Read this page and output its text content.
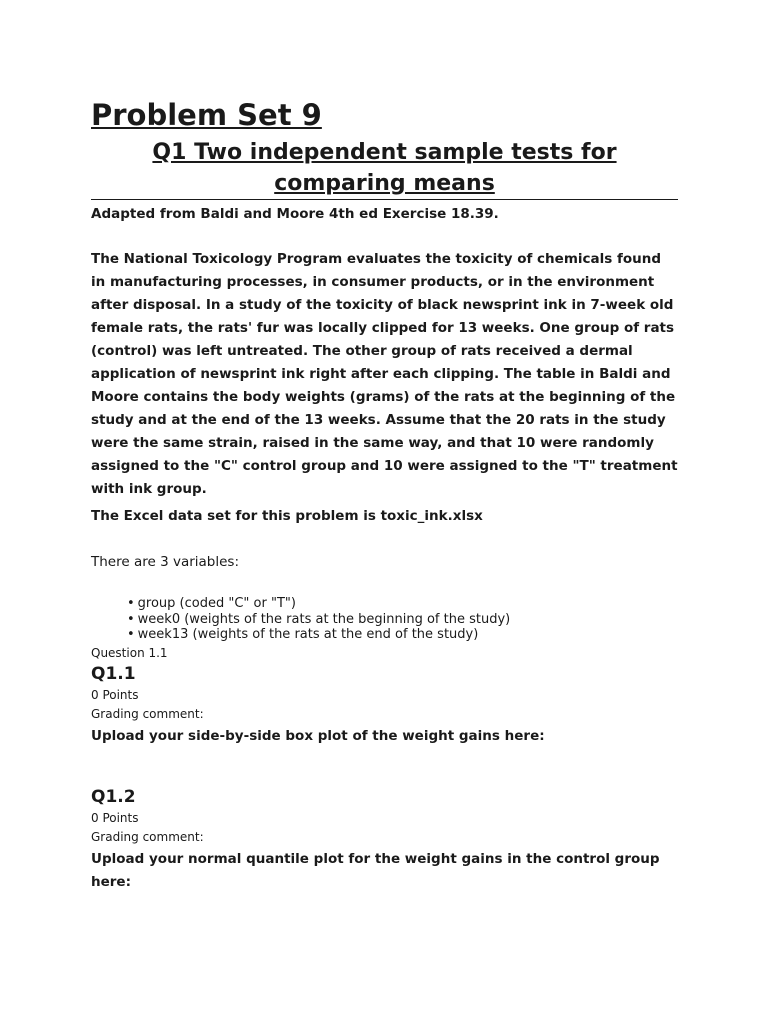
Problem Set 9
Q1 Two independent sample tests for comparing means

Adapted from Baldi and Moore 4th ed Exercise 18.39.

The National Toxicology Program evaluates the toxicity of chemicals found in manufacturing processes, in consumer products, or in the environment after disposal. In a study of the toxicity of black newsprint ink in 7-week old female rats, the rats' fur was locally clipped for 13 weeks. One group of rats (control) was left untreated. The other group of rats received a dermal application of newsprint ink right after each clipping. The table in Baldi and Moore contains the body weights (grams) of the rats at the beginning of the study and at the end of the 13 weeks. Assume that the 20 rats in the study were the same strain, raised in the same way, and that 10 were randomly assigned to the "C" control group and 10 were assigned to the "T" treatment with ink group.

The Excel data set for this problem is toxic_ink.xlsx

There are 3 variables:

• group (coded "C" or "T")
• week0 (weights of the rats at the beginning of the study)
• week13 (weights of the rats at the end of the study)

Question 1.1

Q1.1

0 Points

Grading comment:

Upload your side-by-side box plot of the weight gains here:

Q1.2

0 Points

Grading comment:

Upload your normal quantile plot for the weight gains in the control group here:
